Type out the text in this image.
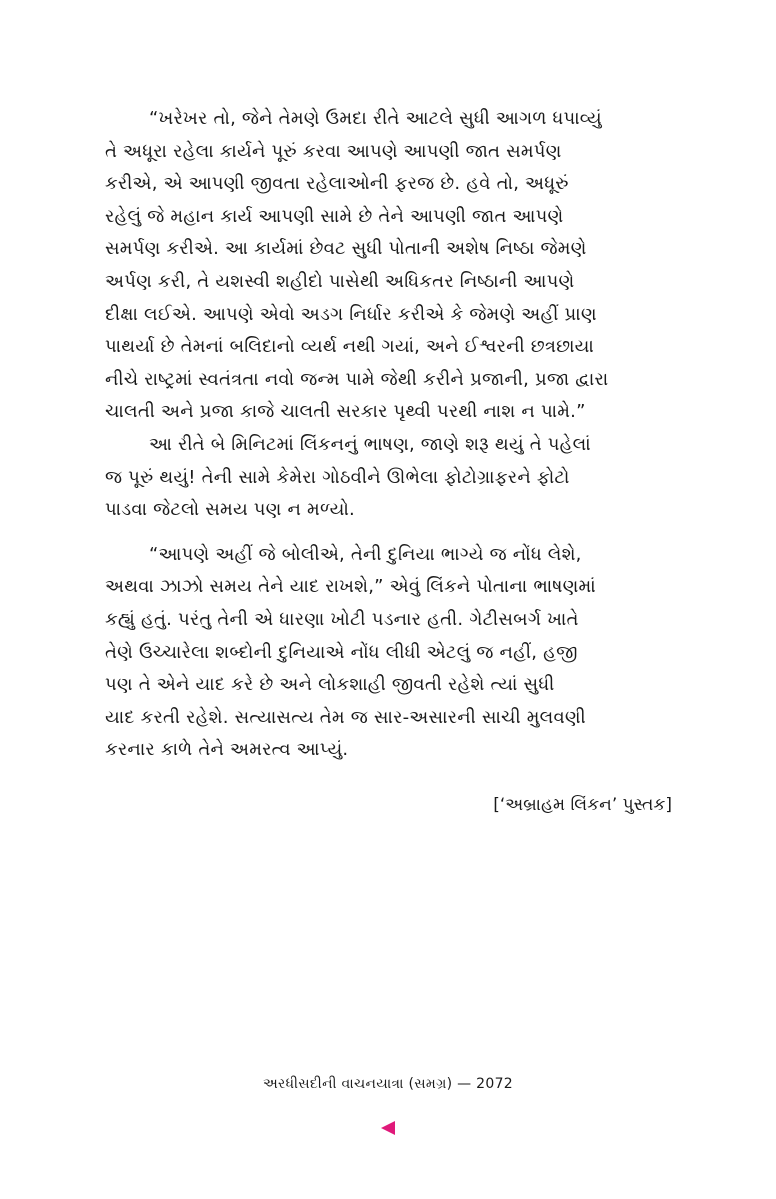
“ખરેખર તો, જેને તેમણે ઉમદા રીતે આટલે સુધી આગળ ધપાવ્યું
તે અધૂરા રહેલા કાર્યને પૂરું કરવા આપણે આપણી જાત સમર્પણ
કરીએ, એ આપણી જીવતા રહેલાઓની ફરજ છે. હવે તો, અધૂરું
રહેલું જે મહાન કાર્ય આપણી સામે છે તેને આપણી જાત આપણે
સમર્પણ કરીએ. આ કાર્યમાં છેવટ સુધી પોતાની અશેષ નિષ્ઠા જેમણે
અર્પણ કરી, તે યશસ્વી શહીદો પાસેથી અધિકતર નિષ્ઠાની આપણે
દીક્ષા લઈએ. આપણે એવો અડગ નિર્ધાર કરીએ કે જેમણે અહીં પ્રાણ
પાથર્યા છે તેમનાં બલિદાનો વ્યર્થ નથી ગયાં, અને ઈશ્વરની છત્રછાયા
નીચે રાષ્ટ્રમાં સ્વતંત્રતા નવો જન્મ પામે જેથી કરીને પ્રજાની, પ્રજા દ્વારા
ચાલતી અને પ્રજા કાજે ચાલતી સરકાર પૃથ્વી પરથી નાશ ન પામે.”

આ રીતે બે મિનિટમાં લિંકનનું ભાષણ, જાણે શરૂ થયું તે પહેલાં
જ પૂરું થયું! તેની સામે કેમેરા ગોઠવીને ઊભેલા ફોટોગ્રાફરને ફોટો
પાડવા જેટલો સમય પણ ન મળ્યો.

“આપણે અહીં જે બોલીએ, તેની દુનિયા ભાગ્યે જ નોંધ લેશે,
અથવા ઝાઝો સમય તેને યાદ રાખશે,” એવું લિંકને પોતાના ભાષણમાં
કહ્યું હતું. પરંતુ તેની એ ધારણા ખોટી પડનાર હતી. ગેટીસબર્ગ ખાતે
તેણે ઉચ્ચારેલા શબ્દોની દુનિયાએ નોંધ લીધી એટલું જ નહીં, હજી
પણ તે એને યાદ કરે છે અને લોકશાહી જીવતી રહેશે ત્યાં સુધી
યાદ કરતી રહેશે. સત્યાસત્ય તેમ જ સાર-અસારની સાચી મુલવણી
કરનાર કાળે તેને અમરત્વ આપ્યું.

[‘અબ્રાહમ લિંકન’ પુસ્તક]
અરધીસદીની વાચનયાત્રા (સમગ્ર) — 2072
